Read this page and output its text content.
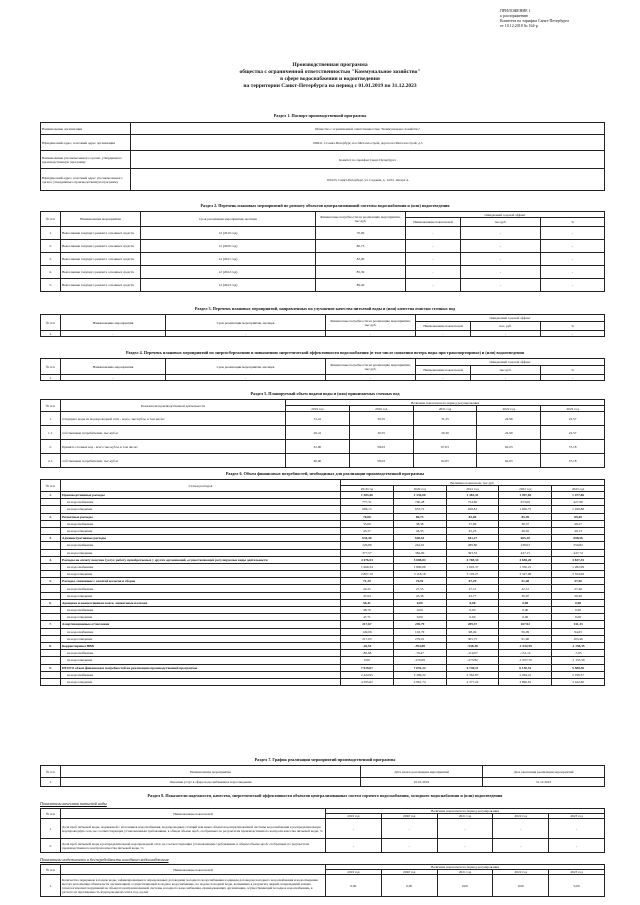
ПРИЛОЖЕНИЕ 1
к распоряжению
Комитета по тарифам Санкт-Петербурга
от 10.12.2018 № 164-р
Производственная программа
общества с ограниченной ответственностью "Коммунальное хозяйство"
в сфере водоснабжения и водоотведения
на территории Санкт-Петербурга на период с 01.01.2019 по 31.12.2023
Раздел 1. Паспорт производственной программы
Наименование организации	Общество с ограниченной ответственностью "Коммунальное хозяйство"
Юридический адрес, почтовый адрес организации	196611, г.Санкт-Петербург, пос.Металлострой, дорога на Металлострой, д.5
Наименование уполномоченного органа, утвердившего производственную программу	Комитет по тарифам Санкт-Петербурга
Юридический адрес, почтовый адрес уполномоченного органа, утвердившего производственную программу	191023, Санкт-Петербург, ул. Садовая, д. 14/52, литера А
Раздел 2. Перечень плановых мероприятий по ремонту объектов централизованной системы водоснабжения и (или) водоотведения
№ п/п	Наименование мероприятия	Срок реализации мероприятия, месяцев	Финансовые потребности на реализацию мероприятия, тыс.руб.	Ожидаемый годовой эффект		
				Наименование показателей	тыс.руб.	%
1.	Выполнение текущего ремонта основных средств	12 (2019 год)	70,00	-	-	-
2.	Выполнение текущего ремонта основных средств	12 (2020 год)	80,73	-	-	-
3.	Выполнение текущего ремонта основных средств	12 (2021 год)	82,00	-	-	-
4.	Выполнение текущего ремонта основных средств	12 (2022 год)	85,39	-	-	-
5.	Выполнение текущего ремонта основных средств	12 (2023 год)	89,40	-	-	-
Раздел 3. Перечень плановых мероприятий, направленных на улучшение качества питьевой воды и (или) качества очистки сточных вод
№ п/п	Наименование мероприятия	Срок реализации мероприятия, месяцев	Финансовые потребности на реализацию мероприятия, тыс.руб.	Ожидаемый годовой эффект		
				Наименование показателей	тыс. руб.	%
1.	-	-	-	-	-	-
Раздел 4. Перечень плановых мероприятий по энергосбережению и повышению энергетической эффективности водоснабжения (в том числе снижения потерь воды при транспортировке) и (или) водоотведения
№ п/п	Наименование мероприятия	Срок реализации мероприятия, месяцев	Финансовые потребности на реализацию мероприятия, тыс.руб.	Ожидаемый годовой эффект		
				Наименование показателей	тыс.руб.	%
1.	-	-	-	-	-	-
Раздел 5. Планируемый объем подачи воды и (или) принимаемых сточных вод
№ п/п	Показатели производственной деятельности	Величина показателя на период регулирования				
		2019 год	2020 год	2021 год	2022 год	2023 год
1.	Отпущено воды из водопроводной сети - всего, тыс.куб.м, в том числе:	31,41	30,55	31,35	24,99	22,57
1.1.	собственным потребителям, тыс.куб.м	29,41	30,55	30,30	24,99	22,57
2.	Принято сточных вод - всего тыс.куб.м, в том числе:	61,00	58,03	67,03	62,03	57,18
2.1.	собственным потребителям, тыс.куб.м	60,00	58,03	62,05	62,03	57,18
Раздел 6. Объем финансовых потребностей, необходимых для реализации производственной программы
№ п/п	Статьи расходов	Величина показателя, тыс.руб.				
		2019 год	2020 год	2021 год	2022 год	2023 год
1.	Производственные расходы	1 383,46	1 334,00	1 383,41	1 497,83	1 477,86
	на водоснабжение	777,31	700,28	754,60	673,09	427,98
	на водоотведение	606,15	633,72	628,81	1 000,75	1 049,88
2.	Ремонтные расходы	70,00	80,73	82,00	85,39	89,40
	на водоснабжение	35,00	38,38	37,99	38,37	40,27
	на водоотведение	43,27	44,35	45,23	46,02	49,13
3.	Административные расходы	634,40	628,61	641,27	665,10	698,56
	на водоснабжение	226,86	244,61	289,80	238,03	250,82
	на водоотведение	377,57	384,00	393,53	427,15	447,74
4.	Расходы на оплату покупок (услуг, работ), приобретаемых у других организаций, осуществляющих регулируемые виды деятельности	4 476,53	5 008,84	4 708,34	4 658,20	4 837,35
	на водоснабжение	1 669,34	1 890,66	1 616,37	1 330,21	1 282,99
	на водоотведение	2 807,19	3 118,18	3 118,27	3 327,99	3 554,06
5.	Расходы, связанные с оплатой налогов и сборов	71,29	70,91	67,29	51,48	57,56
	на водоснабжение	24,25	27,55	27,51	22,51	27,46
	на водоотведение	47,04	43,36	43,77	30,97	30,46
6.	Арендная и концессионная плата, лизинговые платежи	56,41	0,00	0,00	0,00	0,00
	на водоснабжение	48,70	0,00	0,00	0,00	0,00
	на водоотведение	47,71	0,00	0,00	0,00	0,00
7.	Амортизационные отчисления	217,67	249,79	209,37	167,92	131,33
	на водоснабжение	149,06	102,79	98,49	56,09	94,65
	на водоотведение	217,05	279,01	305,75	91,96	163,46
8.	Корректировка НВВ	-26,54	-394,88	-558,38	-1 032,59	-1 158,35
	на водоснабжение	-86,68	-79,47	-119,07	-151,12	-7,65
	на водоотведение	0,00	-270,99	-273,82	-1 007,70	-1 155,39
9.	ИТОГО объем финансовых потребностей на реализацию производственной программы	7 019,07	7 091,22	6 740,11	6 130,51	5 588,36
	на водоснабжение	2 424,95	2 309,22	2 362,87	2 264,41	2 196,37
	на водоотведение	4 595,02	4 861,74	4 377,24	3 896,61	3 442,60
Раздел 7. График реализации мероприятий производственной программы
№ п/п	Наименование мероприятия	Дата начала реализации мероприятий	Дата окончания реализации мероприятий
1.	Оказание услуг в сфере водоснабжения и водоотведения	01.01.2019	31.12.2023
Раздел 8. Показатели надежности, качества, энергетической эффективности объектов централизованных систем горячего водоснабжения, холодного водоснабжения и (или) водоотведения
Показатели качества питьевой воды
№ п/п	Наименование показателей	Величина показателя на период регулирования				
		2019 год	2020 год	2021 год	2022 год	2023 год
1.	Доля проб питьевой воды, подаваемой с источников водоснабжения, водопроводных станций или иных объектов централизованной системы водоснабжения в распределительную водопроводную сеть, не соответствующих установленным требованиям, в общем объеме проб, отобранных по результатам производственного контроля качества питьевой воды, %	-	-	-	-	-
2.	Доля проб питьевой воды в распределительной водопроводной сети, не соответствующих установленным требованиям, в общем объеме проб, отобранных по результатам производственного контроля качества питьевой воды, %	-	-	-	-	-
Показатели надежности и бесперебойности холодного водоснабжения
№ п/п	Наименование показателей	Величина показателя на период регулирования				
		2019 год	2020 год	2021 год	2022 год	2023 год
1.	Количество перерывов в подаче воды, зафиксированных в определенных договорами холодного водоснабжения и единым договором холодного водоснабжения и водоотведения местах исполнения обязательств организацией, осуществляющей холодное водоснабжение, по подаче холодной воды, возникших в результате аварий, повреждений и иных технологических нарушений на объектах централизованной системы холодного водоснабжения, принадлежащих организации, осуществляющей холодное водоснабжение, в расчете на протяженность водопроводной сети в год, ед./км	0,00	0,00	0,00	0,00	0,00
